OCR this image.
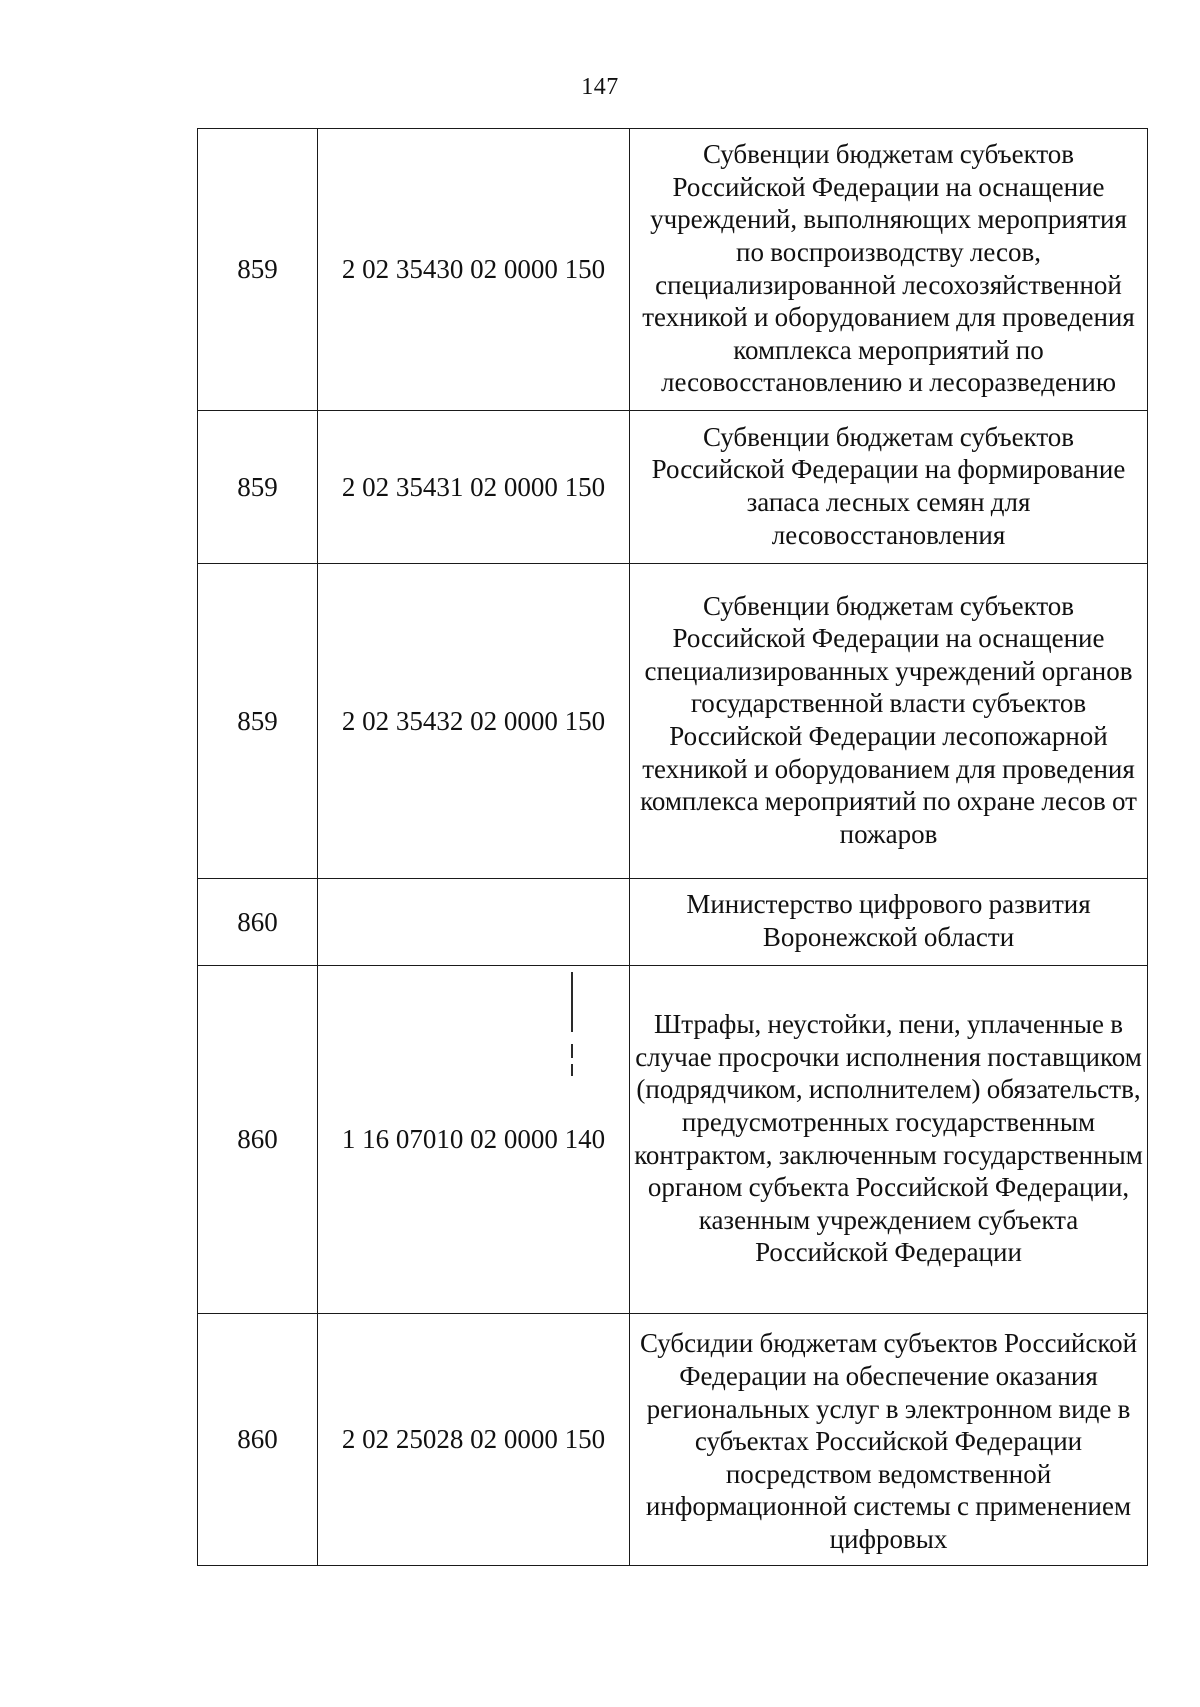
147
859	2 02 35430 02 0000 150	Субвенции бюджетам субъектов Российской Федерации на оснащение учреждений, выполняющих мероприятия по воспроизводству лесов, специализированной лесохозяйственной техникой и оборудованием для проведения комплекса мероприятий по лесовосстановлению и лесоразведению
859	2 02 35431 02 0000 150	Субвенции бюджетам субъектов Российской Федерации на формирование запаса лесных семян для лесовосстановления
859	2 02 35432 02 0000 150	Субвенции бюджетам субъектов Российской Федерации на оснащение специализированных учреждений органов государственной власти субъектов Российской Федерации лесопожарной техникой и оборудованием для проведения комплекса мероприятий по охране лесов от пожаров
860		Министерство цифрового развития Воронежской области
860	1 16 07010 02 0000 140	Штрафы, неустойки, пени, уплаченные в случае просрочки исполнения поставщиком (подрядчиком, исполнителем) обязательств, предусмотренных государственным контрактом, заключенным государственным органом субъекта Российской Федерации, казенным учреждением субъекта Российской Федерации
860	2 02 25028 02 0000 150	Субсидии бюджетам субъектов Российской Федерации на обеспечение оказания региональных услуг в электронном виде в субъектах Российской Федерации посредством ведомственной информационной системы с применением цифровых
